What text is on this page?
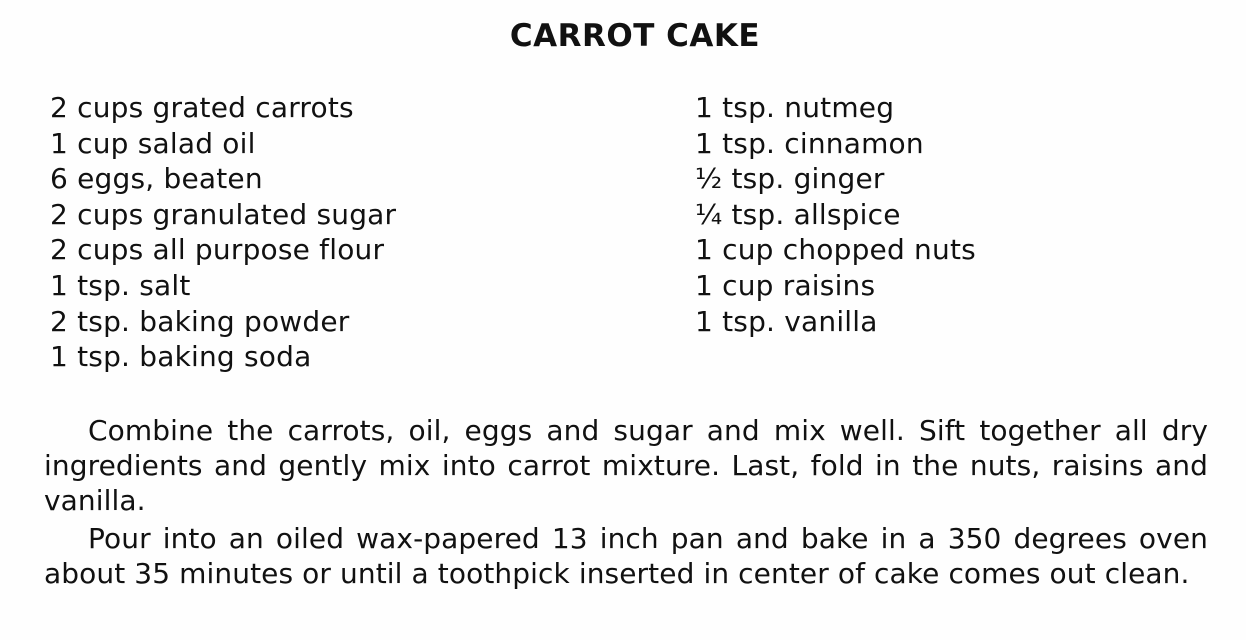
CARROT CAKE
2 cups grated carrots
1 cup salad oil
6 eggs, beaten
2 cups granulated sugar
2 cups all purpose flour
1 tsp. salt
2 tsp. baking powder
1 tsp. baking soda
1 tsp. nutmeg
1 tsp. cinnamon
½ tsp. ginger
¼ tsp. allspice
1 cup chopped nuts
1 cup raisins
1 tsp. vanilla

Combine the carrots, oil, eggs and sugar and mix well. Sift together all dry ingredients and gently mix into carrot mixture. Last, fold in the nuts, raisins and vanilla.

Pour into an oiled wax-papered 13 inch pan and bake in a 350 degrees oven about 35 minutes or until a toothpick inserted in center of cake comes out clean.
